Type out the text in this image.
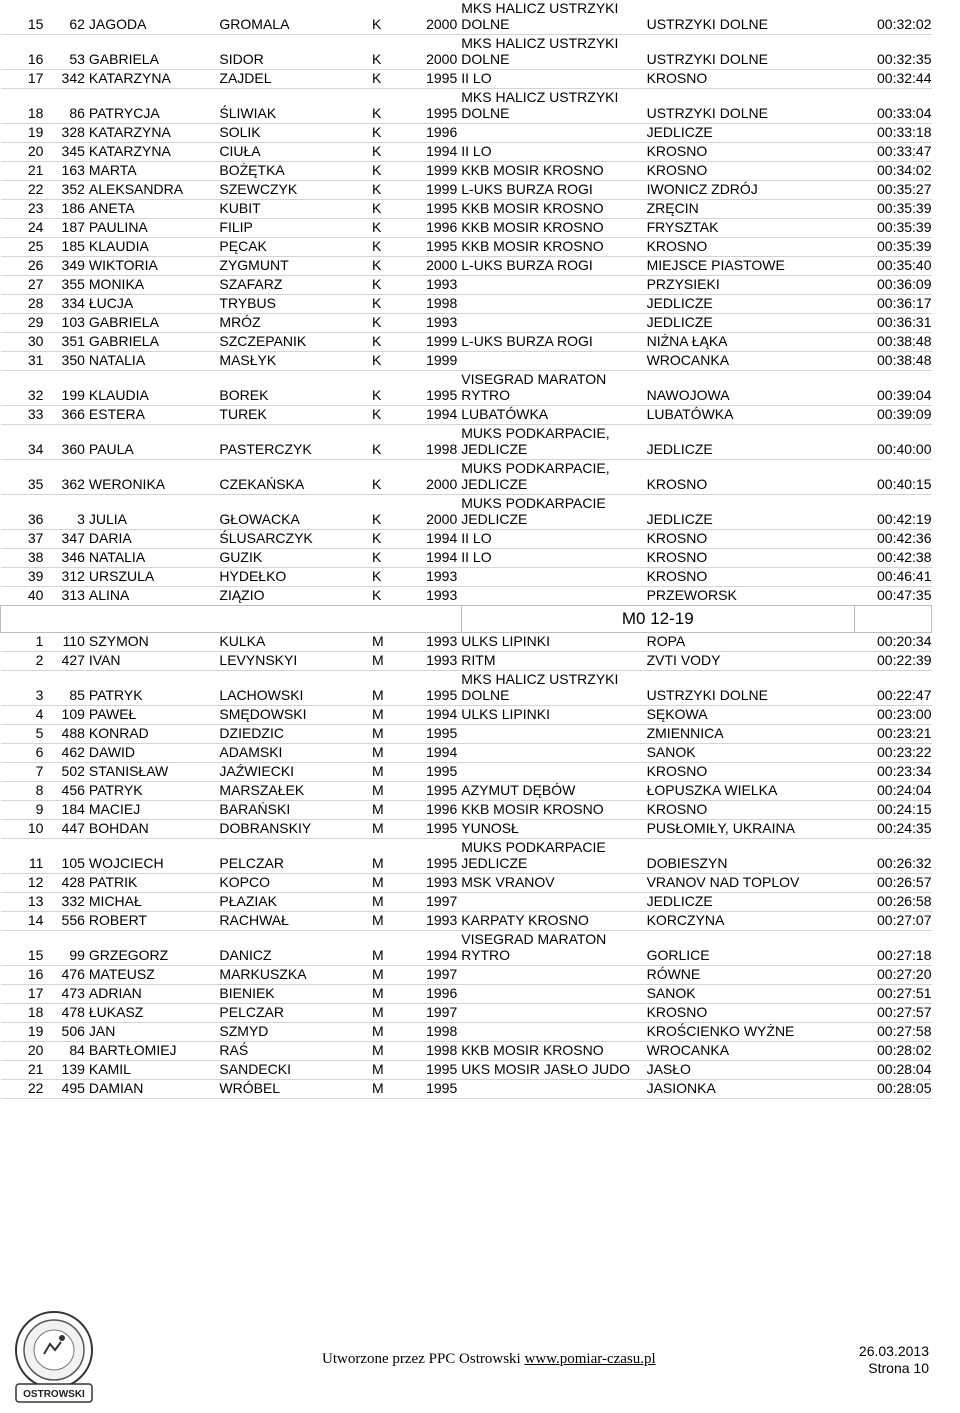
15	62	JAGODA	GROMALA	K	2000	MKS HALICZ USTRZYKI
DOLNE	USTRZYKI DOLNE	00:32:02
16	53	GABRIELA	SIDOR	K	2000	MKS HALICZ USTRZYKI
DOLNE	USTRZYKI DOLNE	00:32:35
17	342	KATARZYNA	ZAJDEL	K	1995	II LO	KROSNO	00:32:44
18	86	PATRYCJA	ŚLIWIAK	K	1995	MKS HALICZ USTRZYKI
DOLNE	USTRZYKI DOLNE	00:33:04
19	328	KATARZYNA	SOLIK	K	1996		JEDLICZE	00:33:18
20	345	KATARZYNA	CIUŁA	K	1994	II LO	KROSNO	00:33:47
21	163	MARTA	BOŻĘTKA	K	1999	KKB MOSIR KROSNO	KROSNO	00:34:02
22	352	ALEKSANDRA	SZEWCZYK	K	1999	L-UKS BURZA ROGI	IWONICZ ZDRÓJ	00:35:27
23	186	ANETA	KUBIT	K	1995	KKB MOSIR KROSNO	ZRĘCIN	00:35:39
24	187	PAULINA	FILIP	K	1996	KKB MOSIR KROSNO	FRYSZTAK	00:35:39
25	185	KLAUDIA	PĘCAK	K	1995	KKB MOSIR KROSNO	KROSNO	00:35:39
26	349	WIKTORIA	ZYGMUNT	K	2000	L-UKS BURZA ROGI	MIEJSCE PIASTOWE	00:35:40
27	355	MONIKA	SZAFARZ	K	1993		PRZYSIEKI	00:36:09
28	334	ŁUCJA	TRYBUS	K	1998		JEDLICZE	00:36:17
29	103	GABRIELA	MRÓZ	K	1993		JEDLICZE	00:36:31
30	351	GABRIELA	SZCZEPANIK	K	1999	L-UKS BURZA ROGI	NIŻNA ŁĄKA	00:38:48
31	350	NATALIA	MASŁYK	K	1999		WROCANKA	00:38:48
32	199	KLAUDIA	BOREK	K	1995	VISEGRAD MARATON
RYTRO	NAWOJOWA	00:39:04
33	366	ESTERA	TUREK	K	1994	LUBATÓWKA	LUBATÓWKA	00:39:09
34	360	PAULA	PASTERCZYK	K	1998	MUKS PODKARPACIE,
JEDLICZE	JEDLICZE	00:40:00
35	362	WERONIKA	CZEKAŃSKA	K	2000	MUKS PODKARPACIE,
JEDLICZE	KROSNO	00:40:15
36	3	JULIA	GŁOWACKA	K	2000	MUKS PODKARPACIE
JEDLICZE	JEDLICZE	00:42:19
37	347	DARIA	ŚLUSARCZYK	K	1994	II LO	KROSNO	00:42:36
38	346	NATALIA	GUZIK	K	1994	II LO	KROSNO	00:42:38
39	312	URSZULA	HYDEŁKO	K	1993		KROSNO	00:46:41
40	313	ALINA	ZIĄZIO	K	1993		PRZEWORSK	00:47:35
						M0 12-19		
1	110	SZYMON	KULKA	M	1993	ULKS LIPINKI	ROPA	00:20:34
2	427	IVAN	LEVYNSKYI	M	1993	RITM	ZVTI VODY	00:22:39
3	85	PATRYK	LACHOWSKI	M	1995	MKS HALICZ USTRZYKI
DOLNE	USTRZYKI DOLNE	00:22:47
4	109	PAWEŁ	SMĘDOWSKI	M	1994	ULKS LIPINKI	SĘKOWA	00:23:00
5	488	KONRAD	DZIEDZIC	M	1995		ZMIENNICA	00:23:21
6	462	DAWID	ADAMSKI	M	1994		SANOK	00:23:22
7	502	STANISŁAW	JAŹWIECKI	M	1995		KROSNO	00:23:34
8	456	PATRYK	MARSZAŁEK	M	1995	AZYMUT DĘBÓW	ŁOPUSZKA WIELKA	00:24:04
9	184	MACIEJ	BARAŃSKI	M	1996	KKB MOSIR KROSNO	KROSNO	00:24:15
10	447	BOHDAN	DOBRANSKIY	M	1995	YUNOSŁ	PUSŁOMIŁY, UKRAINA	00:24:35
11	105	WOJCIECH	PELCZAR	M	1995	MUKS PODKARPACIE
JEDLICZE	DOBIESZYN	00:26:32
12	428	PATRIK	KOPCO	M	1993	MSK VRANOV	VRANOV NAD TOPLOV	00:26:57
13	332	MICHAŁ	PŁAZIAK	M	1997		JEDLICZE	00:26:58
14	556	ROBERT	RACHWAŁ	M	1993	KARPATY KROSNO	KORCZYNA	00:27:07
15	99	GRZEGORZ	DANICZ	M	1994	VISEGRAD MARATON
RYTRO	GORLICE	00:27:18
16	476	MATEUSZ	MARKUSZKA	M	1997		RÓWNE	00:27:20
17	473	ADRIAN	BIENIEK	M	1996		SANOK	00:27:51
18	478	ŁUKASZ	PELCZAR	M	1997		KROSNO	00:27:57
19	506	JAN	SZMYD	M	1998		KROŚCIENKO WYŻNE	00:27:58
20	84	BARTŁOMIEJ	RAŚ	M	1998	KKB MOSIR KROSNO	WROCANKA	00:28:02
21	139	KAMIL	SANDECKI	M	1995	UKS MOSIR JASŁO JUDO	JASŁO	00:28:04
22	495	DAMIAN	WRÓBEL	M	1995		JASIONKA	00:28:05
OSTROWSKI
Utworzone przez PPC Ostrowski www.pomiar-czasu.pl	26.03.2013
Strona 10
